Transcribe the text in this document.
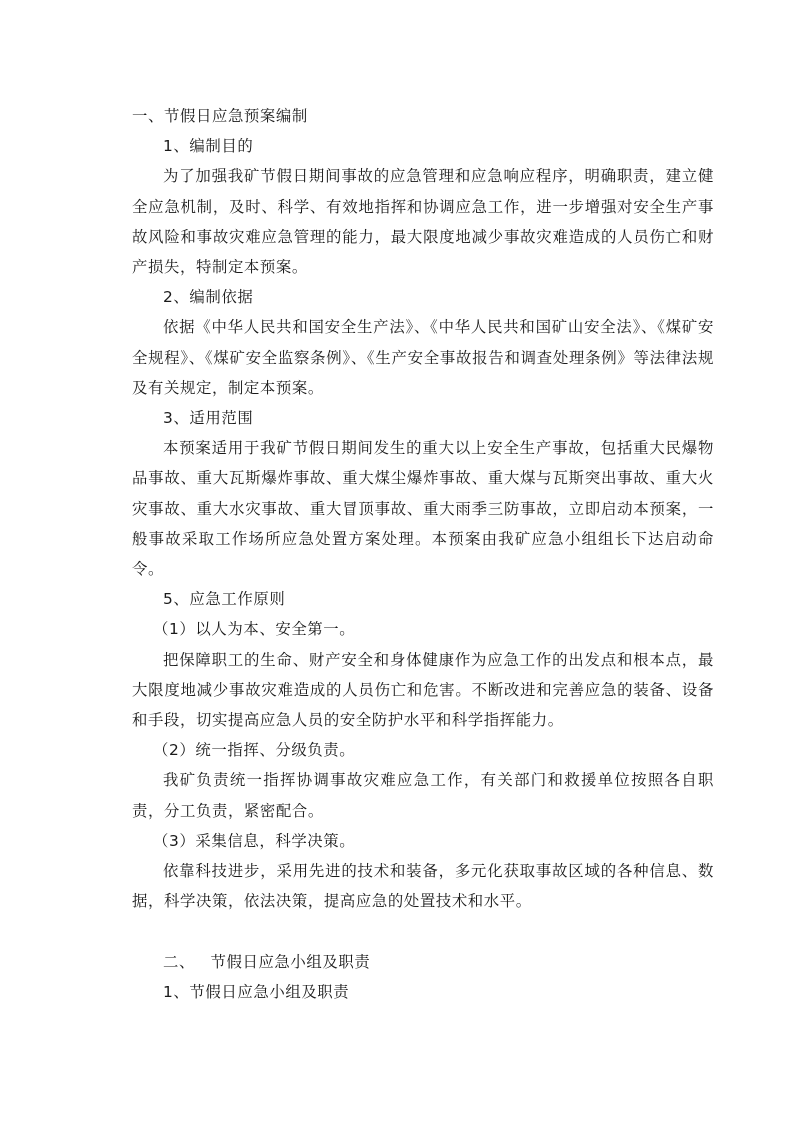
一、节假日应急预案编制

1、编制目的

为了加强我矿节假日期间事故的应急管理和应急响应程序，明确职责，建立健全应急机制，及时、科学、有效地指挥和协调应急工作，进一步增强对安全生产事故风险和事故灾难应急管理的能力，最大限度地减少事故灾难造成的人员伤亡和财产损失，特制定本预案。

2、编制依据

依据《中华人民共和国安全生产法》、《中华人民共和国矿山安全法》、《煤矿安全规程》、《煤矿安全监察条例》、《生产安全事故报告和调查处理条例》等法律法规及有关规定，制定本预案。

3、适用范围

本预案适用于我矿节假日期间发生的重大以上安全生产事故，包括重大民爆物品事故、重大瓦斯爆炸事故、重大煤尘爆炸事故、重大煤与瓦斯突出事故、重大火灾事故、重大水灾事故、重大冒顶事故、重大雨季三防事故，立即启动本预案，一般事故采取工作场所应急处置方案处理。本预案由我矿应急小组组长下达启动命令。

5、应急工作原则

（1）以人为本、安全第一。

把保障职工的生命、财产安全和身体健康作为应急工作的出发点和根本点，最大限度地减少事故灾难造成的人员伤亡和危害。不断改进和完善应急的装备、设备和手段，切实提高应急人员的安全防护水平和科学指挥能力。

（2）统一指挥、分级负责。

我矿负责统一指挥协调事故灾难应急工作，有关部门和救援单位按照各自职责，分工负责，紧密配合。

（3）采集信息，科学决策。

依靠科技进步，采用先进的技术和装备，多元化获取事故区域的各种信息、数据，科学决策，依法决策，提高应急的处置技术和水平。

二、 节假日应急小组及职责

1、节假日应急小组及职责
